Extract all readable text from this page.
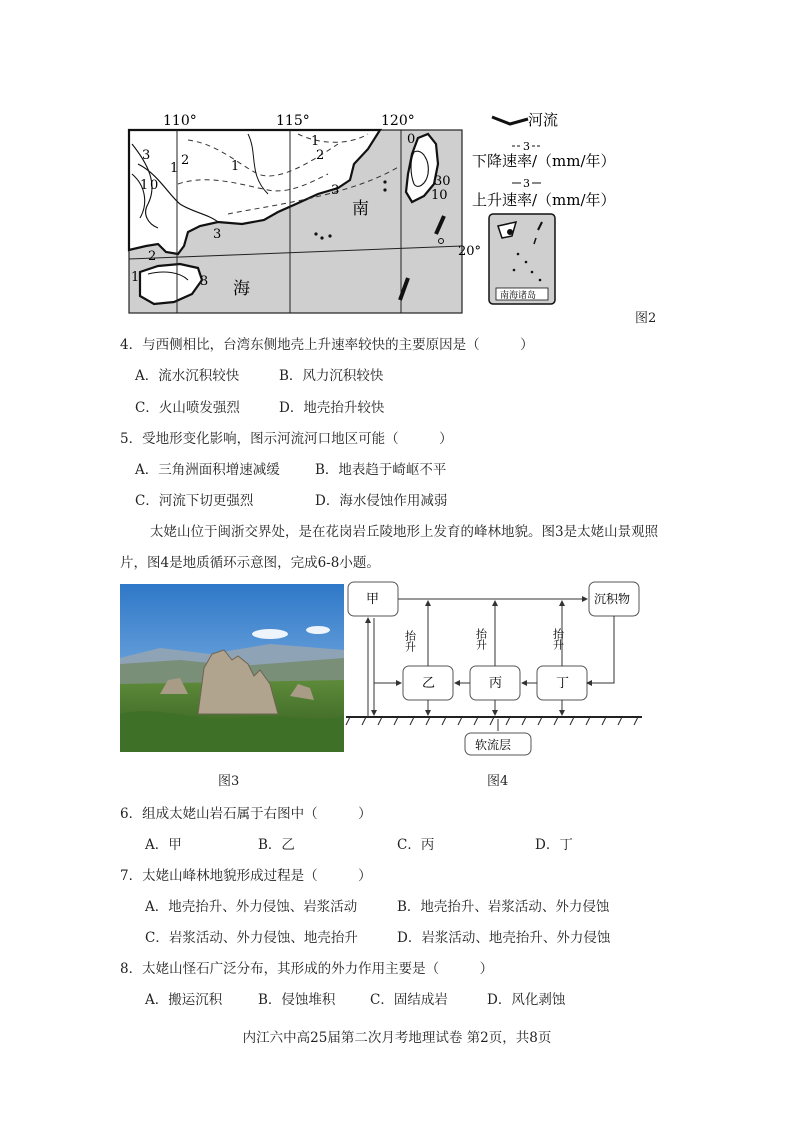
110°	115°	120°
3
1 0
1
2	1
2
3
1
3
1
2
3
0
30
10
南
海
20°
河流
3
下降速率/（mm/年）
3
上升速率/（mm/年）
南海诸岛
图2
4．与西侧相比，台湾东侧地壳上升速率较快的主要原因是（　　　）
A．流水沉积较快	B．风力沉积较快
C．火山喷发强烈	D．地壳抬升较快
5．受地形变化影响，图示河流河口地区可能（　　　）
A．三角洲面积增速减缓	B．地表趋于崎岖不平
C．河流下切更强烈	D．海水侵蚀作用减弱
太姥山位于闽浙交界处，是在花岗岩丘陵地形上发育的峰林地貌。图3是太姥山景观照
片，图4是地质循环示意图，完成6-8小题。
图3
甲	沉积物
乙	丙	丁
软流层
抬升	抬升	抬升
图4
6．组成太姥山岩石属于右图中（　　　）
A．甲	B．乙	C．丙	D．丁
7．太姥山峰林地貌形成过程是（　　　）
A．地壳抬升、外力侵蚀、岩浆活动	B．地壳抬升、岩浆活动、外力侵蚀
C．岩浆活动、外力侵蚀、地壳抬升	D．岩浆活动、地壳抬升、外力侵蚀
8．太姥山怪石广泛分布，其形成的外力作用主要是（　　　）
A．搬运沉积	B．侵蚀堆积	C．固结成岩	D．风化剥蚀
内江六中高25届第二次月考地理试卷 第2页，共8页
